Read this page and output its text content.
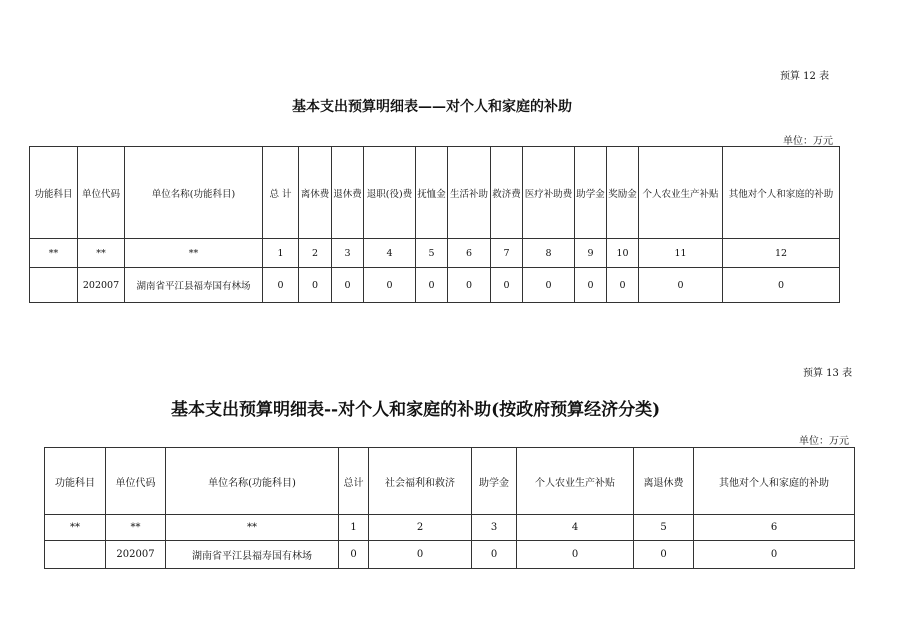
预算 12 表
基本支出预算明细表——对个人和家庭的补助
单位：万元
功能科目	单位代码	单位名称(功能科目)	总 计	离休费	退休费	退职(役)费	抚恤金	生活补助	救济费	医疗补助费	助学金	奖励金	个人农业生产补贴	其他对个人和家庭的补助
**	**	**	1	2	3	4	5	6	7	8	9	10	11	12
	202007	湖南省平江县福寿国有林场	0	0	0	0	0	0	0	0	0	0	0	0
预算 13 表
基本支出预算明细表--对个人和家庭的补助(按政府预算经济分类)
单位：万元
功能科目	单位代码	单位名称(功能科目)	总计	社会福利和救济	助学金	个人农业生产补贴	离退休费	其他对个人和家庭的补助
**	**	**	1	2	3	4	5	6
	202007	湖南省平江县福寿国有林场	0	0	0	0	0	0
